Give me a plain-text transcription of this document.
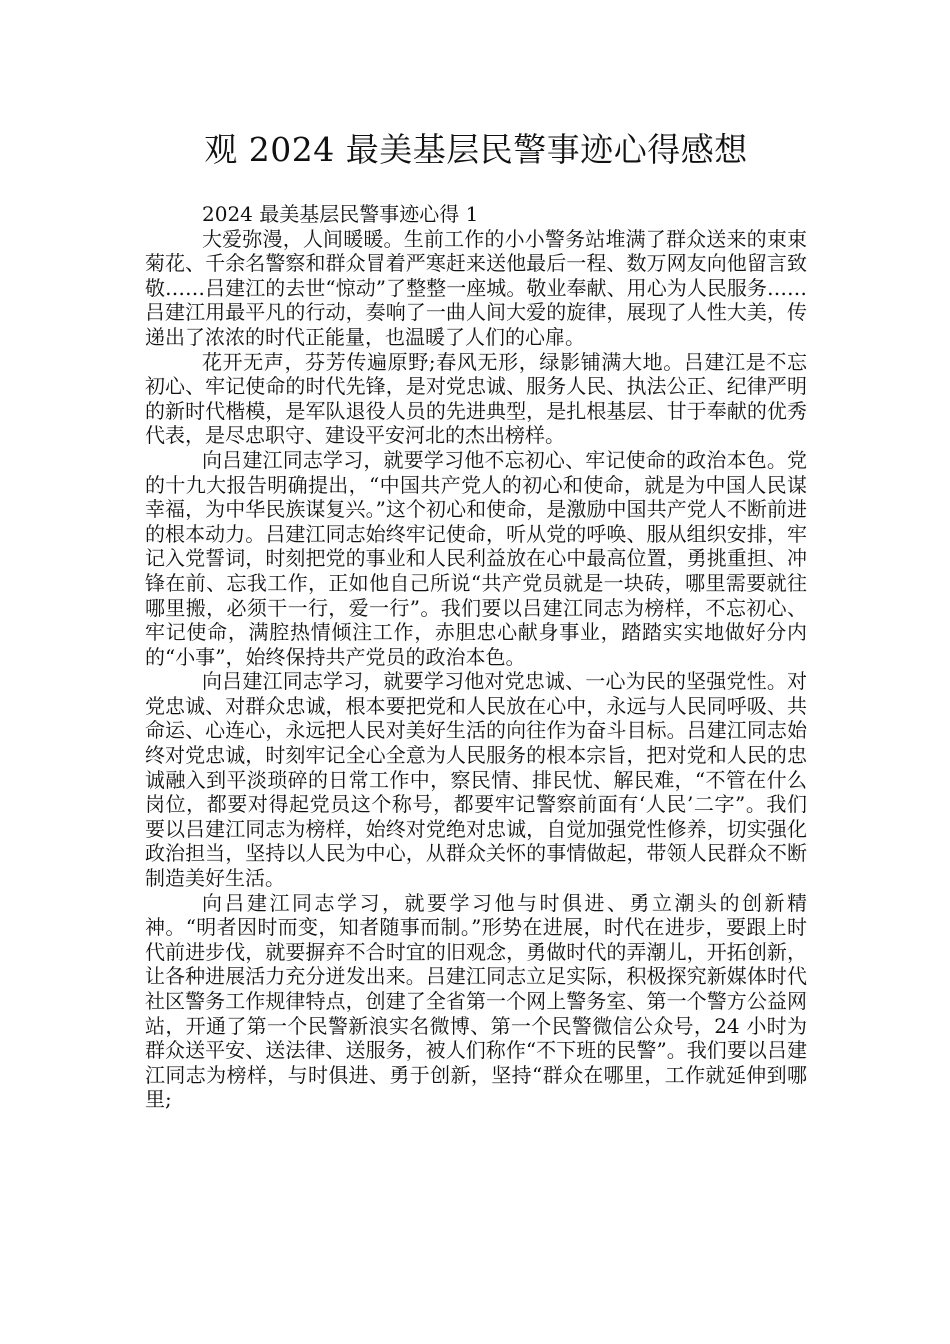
观 2024 最美基层民警事迹心得感想

2024 最美基层民警事迹心得 1

大爱弥漫，人间暖暖。生前工作的小小警务站堆满了群众送来的束束菊花、千余名警察和群众冒着严寒赶来送他最后一程、数万网友向他留言致敬……吕建江的去世“惊动”了整整一座城。敬业奉献、用心为人民服务……吕建江用最平凡的行动，奏响了一曲人间大爱的旋律，展现了人性大美，传递出了浓浓的时代正能量，也温暖了人们的心扉。

花开无声，芬芳传遍原野;春风无形，绿影铺满大地。吕建江是不忘初心、牢记使命的时代先锋，是对党忠诚、服务人民、执法公正、纪律严明的新时代楷模，是军队退役人员的先进典型，是扎根基层、甘于奉献的优秀代表，是尽忠职守、建设平安河北的杰出榜样。

向吕建江同志学习，就要学习他不忘初心、牢记使命的政治本色。党的十九大报告明确提出，“中国共产党人的初心和使命，就是为中国人民谋幸福，为中华民族谋复兴。”这个初心和使命，是激励中国共产党人不断前进的根本动力。吕建江同志始终牢记使命，听从党的呼唤、服从组织安排，牢记入党誓词，时刻把党的事业和人民利益放在心中最高位置，勇挑重担、冲锋在前、忘我工作，正如他自己所说“共产党员就是一块砖，哪里需要就往哪里搬，必须干一行，爱一行”。我们要以吕建江同志为榜样，不忘初心、牢记使命，满腔热情倾注工作，赤胆忠心献身事业，踏踏实实地做好分内的“小事”，始终保持共产党员的政治本色。

向吕建江同志学习，就要学习他对党忠诚、一心为民的坚强党性。对党忠诚、对群众忠诚，根本要把党和人民放在心中，永远与人民同呼吸、共命运、心连心，永远把人民对美好生活的向往作为奋斗目标。吕建江同志始终对党忠诚，时刻牢记全心全意为人民服务的根本宗旨，把对党和人民的忠诚融入到平淡琐碎的日常工作中，察民情、排民忧、解民难，“不管在什么岗位，都要对得起党员这个称号，都要牢记警察前面有‘人民’二字”。我们要以吕建江同志为榜样，始终对党绝对忠诚，自觉加强党性修养，切实强化政治担当，坚持以人民为中心，从群众关怀的事情做起，带领人民群众不断制造美好生活。

向吕建江同志学习，就要学习他与时俱进、勇立潮头的创新精神。“明者因时而变，知者随事而制。”形势在进展，时代在进步，要跟上时代前进步伐，就要摒弃不合时宜的旧观念，勇做时代的弄潮儿，开拓创新，让各种进展活力充分迸发出来。吕建江同志立足实际，积极探究新媒体时代社区警务工作规律特点，创建了全省第一个网上警务室、第一个警方公益网站，开通了第一个民警新浪实名微博、第一个民警微信公众号，24 小时为群众送平安、送法律、送服务，被人们称作“不下班的民警”。我们要以吕建江同志为榜样，与时俱进、勇于创新，坚持“群众在哪里，工作就延伸到哪里;
